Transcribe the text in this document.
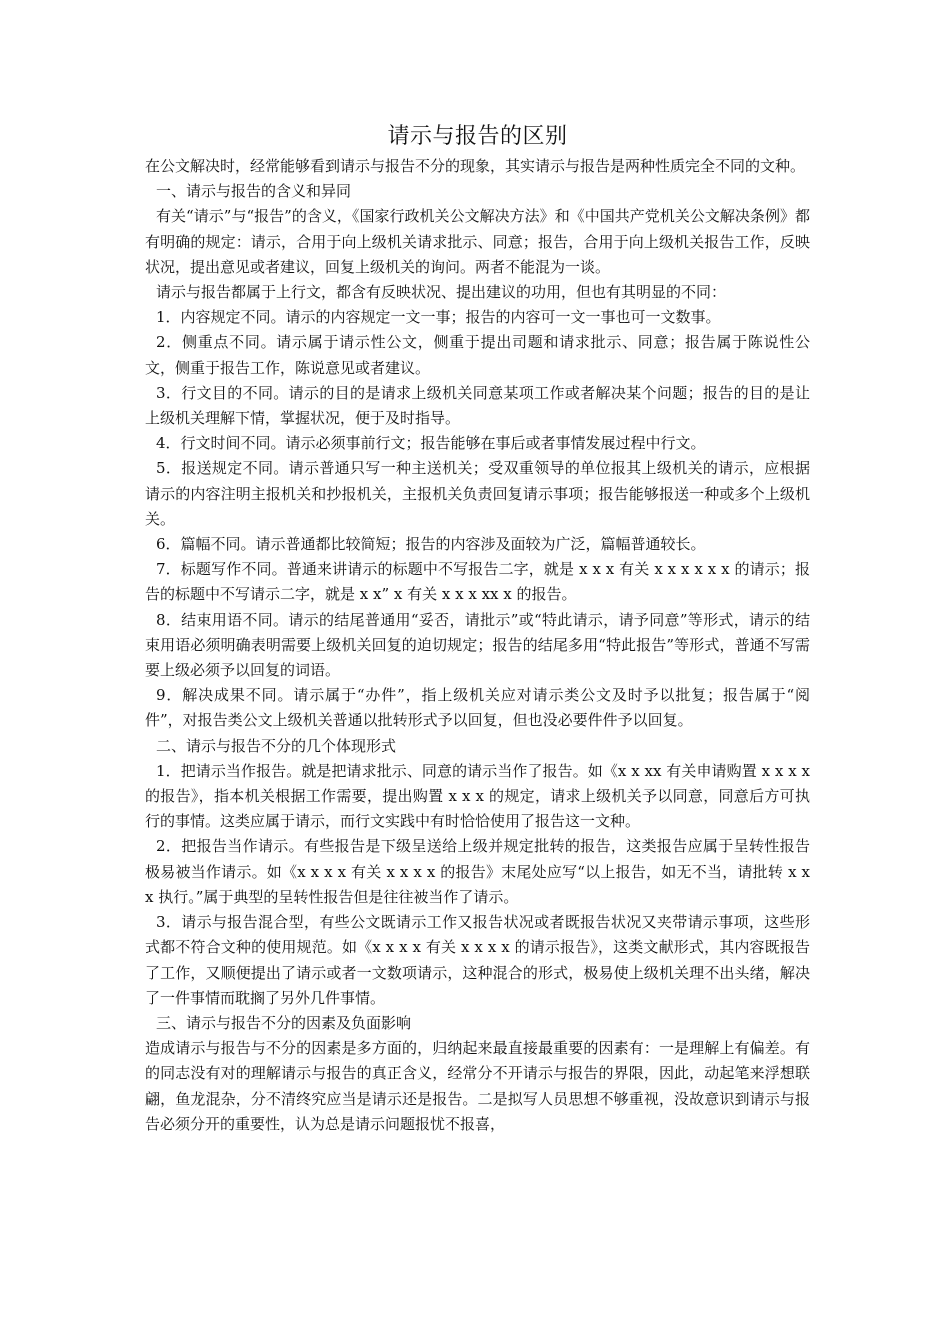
请示与报告的区别

在公文解决时，经常能够看到请示与报告不分的现象，其实请示与报告是两种性质完全不同的文种。

一、请示与报告的含义和异同

有关“请示”与“报告”的含义，《国家行政机关公文解决方法》和《中国共产党机关公文解决条例》都有明确的规定：请示，合用于向上级机关请求批示、同意；报告，合用于向上级机关报告工作，反映状况，提出意见或者建议，回复上级机关的询问。两者不能混为一谈。

请示与报告都属于上行文，都含有反映状况、提出建议的功用，但也有其明显的不同：

1．内容规定不同。请示的内容规定一文一事；报告的内容可一文一事也可一文数事。

2．侧重点不同。请示属于请示性公文，侧重于提出司题和请求批示、同意；报告属于陈说性公文，侧重于报告工作，陈说意见或者建议。

3．行文目的不同。请示的目的是请求上级机关同意某项工作或者解决某个问题；报告的目的是让上级机关理解下情，掌握状况，便于及时指导。

4．行文时间不同。请示必须事前行文；报告能够在事后或者事情发展过程中行文。

5．报送规定不同。请示普通只写一种主送机关；受双重领导的单位报其上级机关的请示，应根据请示的内容注明主报机关和抄报机关，主报机关负责回复请示事项；报告能够报送一种或多个上级机关。

6．篇幅不同。请示普通都比较简短；报告的内容涉及面较为广泛，篇幅普通较长。

7．标题写作不同。普通来讲请示的标题中不写报告二字，就是 x x x 有关 x x x x x x 的请示；报告的标题中不写请示二字，就是 x x” x 有关 x x x xx x 的报告。

8．结束用语不同。请示的结尾普通用“妥否，请批示”或“特此请示，请予同意”等形式，请示的结束用语必须明确表明需要上级机关回复的迫切规定；报告的结尾多用“特此报告”等形式，普通不写需要上级必须予以回复的词语。

9．解决成果不同。请示属于“办件”，指上级机关应对请示类公文及时予以批复；报告属于“阅件”，对报告类公文上级机关普通以批转形式予以回复，但也没必要件件予以回复。

二、请示与报告不分的几个体现形式

1．把请示当作报告。就是把请求批示、同意的请示当作了报告。如《x x xx 有关申请购置 x x x x 的报告》，指本机关根据工作需要，提出购置 x x x 的规定，请求上级机关予以同意，同意后方可执行的事情。这类应属于请示，而行文实践中有时恰恰使用了报告这一文种。

2．把报告当作请示。有些报告是下级呈送给上级并规定批转的报告，这类报告应属于呈转性报告极易被当作请示。如《x x x x 有关 x x x x 的报告》末尾处应写“以上报告，如无不当，请批转 x x x 执行。”属于典型的呈转性报告但是往往被当作了请示。

3．请示与报告混合型，有些公文既请示工作又报告状况或者既报告状况又夹带请示事项，这些形式都不符合文种的使用规范。如《x x x x 有关 x x x x 的请示报告》，这类文献形式，其内容既报告了工作，又顺便提出了请示或者一文数项请示，这种混合的形式，极易使上级机关理不出头绪，解决了一件事情而耽搁了另外几件事情。

三、请示与报告不分的因素及负面影响

造成请示与报告与不分的因素是多方面的，归纳起来最直接最重要的因素有：一是理解上有偏差。有的同志没有对的理解请示与报告的真正含义，经常分不开请示与报告的界限，因此，动起笔来浮想联翩，鱼龙混杂，分不清终究应当是请示还是报告。二是拟写人员思想不够重视，没故意识到请示与报告必须分开的重要性，认为总是请示问题报忧不报喜，
